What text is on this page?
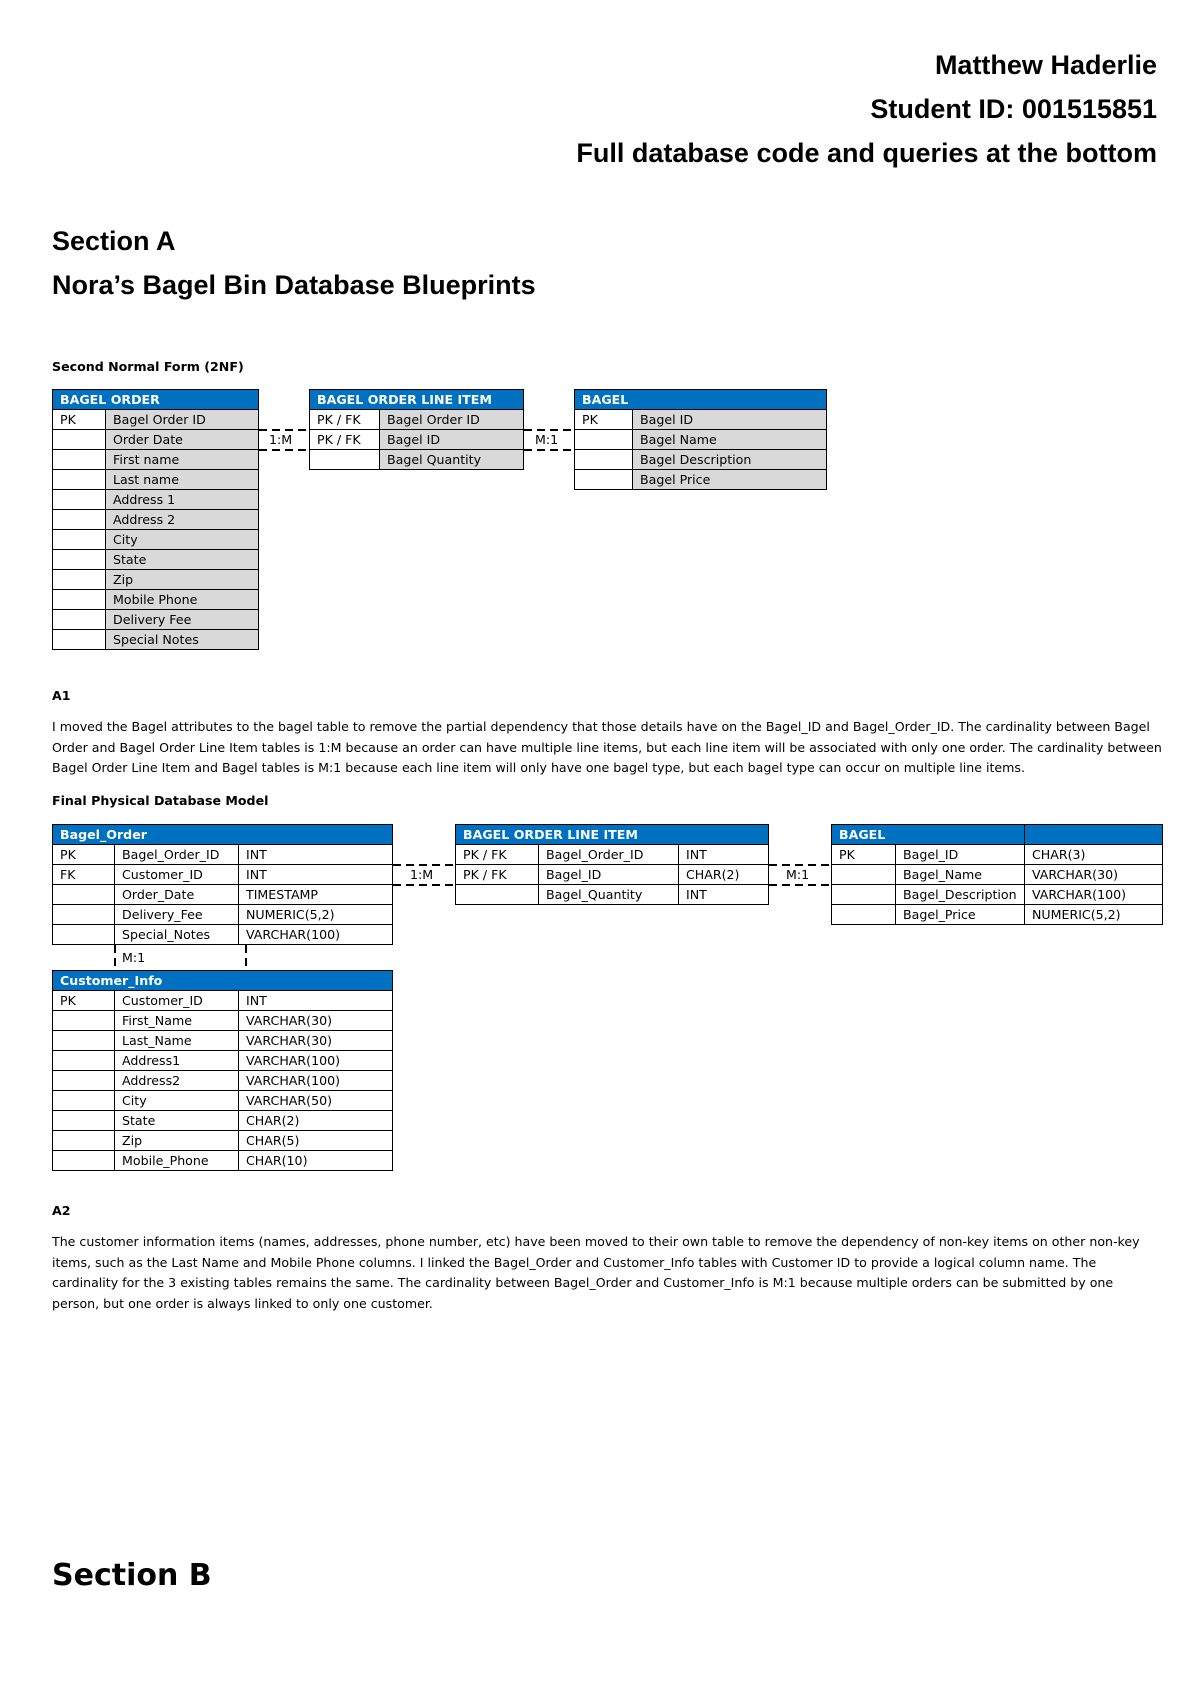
Matthew Haderlie
Student ID: 001515851
Full database code and queries at the bottom
Section A
Nora’s Bagel Bin Database Blueprints
Second Normal Form (2NF)
BAGEL ORDER	
PK	Bagel Order ID
	Order Date
	First name
	Last name
	Address 1
	Address 2
	City
	State
	Zip
	Mobile Phone
	Delivery Fee
	Special Notes
BAGEL ORDER LINE ITEM	
PK / FK	Bagel Order ID
PK / FK	Bagel ID
	Bagel Quantity
BAGEL	
PK	Bagel ID
	Bagel Name
	Bagel Description
	Bagel Price
1:M	M:1
A1
I moved the Bagel attributes to the bagel table to remove the partial dependency that those details have on the Bagel_ID and Bagel_Order_ID. The cardinality between Bagel Order and Bagel Order Line Item tables is 1:M because an order can have multiple line items, but each line item will be associated with only one order. The cardinality between Bagel Order Line Item and Bagel tables is M:1 because each line item will only have one bagel type, but each bagel type can occur on multiple line items.
Final Physical Database Model
Bagel_Order		
PK	Bagel_Order_ID	INT
FK	Customer_ID	INT
	Order_Date	TIMESTAMP
	Delivery_Fee	NUMERIC(5,2)
	Special_Notes	VARCHAR(100)
Customer_Info		
PK	Customer_ID	INT
	First_Name	VARCHAR(30)
	Last_Name	VARCHAR(30)
	Address1	VARCHAR(100)
	Address2	VARCHAR(100)
	City	VARCHAR(50)
	State	CHAR(2)
	Zip	CHAR(5)
	Mobile_Phone	CHAR(10)
BAGEL ORDER LINE ITEM		
PK / FK	Bagel_Order_ID	INT
PK / FK	Bagel_ID	CHAR(2)
	Bagel_Quantity	INT
BAGEL		
PK	Bagel_ID	CHAR(3)
	Bagel_Name	VARCHAR(30)
	Bagel_Description	VARCHAR(100)
	Bagel_Price	NUMERIC(5,2)
1:M	M:1
M:1
A2
The customer information items (names, addresses, phone number, etc) have been moved to their own table to remove the dependency of non-key items on other non-key items, such as the Last Name and Mobile Phone columns. I linked the Bagel_Order and Customer_Info tables with Customer ID to provide a logical column name. The cardinality for the 3 existing tables remains the same. The cardinality between Bagel_Order and Customer_Info is M:1 because multiple orders can be submitted by one person, but one order is always linked to only one customer.
Section B
